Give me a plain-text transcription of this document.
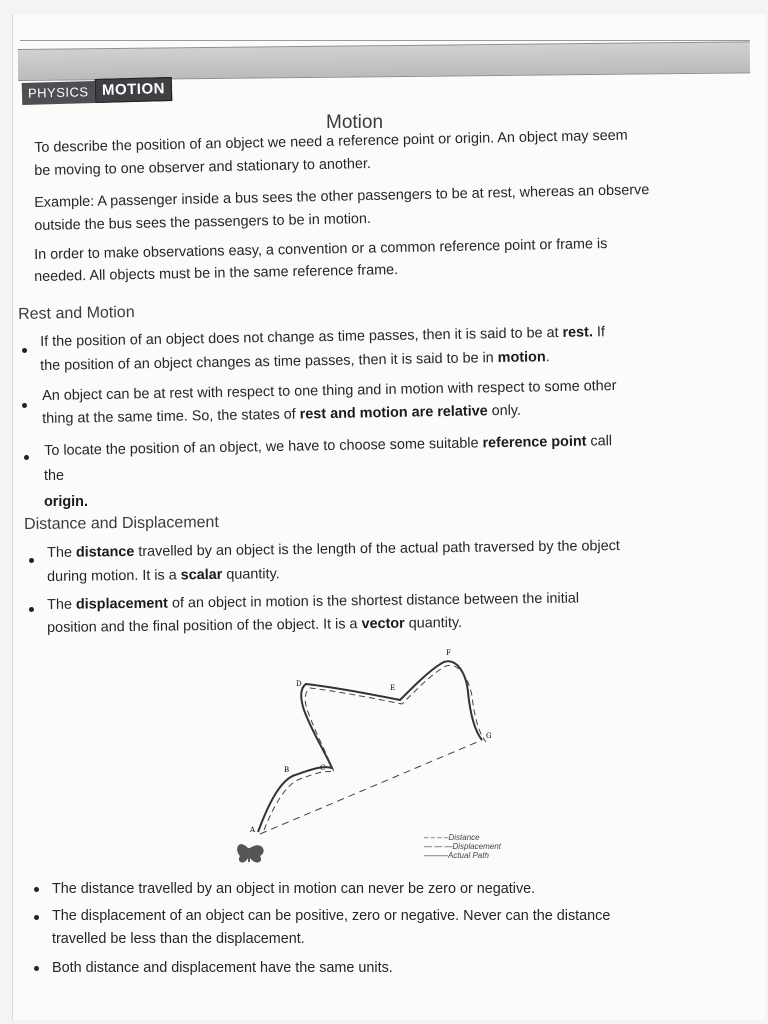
PHYSICS MOTION
Motion
To describe the position of an object we need a reference point or origin. An object may seem
be moving to one observer and stationary to another.
Example: A passenger inside a bus sees the other passengers to be at rest, whereas an observe
outside the bus sees the passengers to be in motion.
In order to make observations easy, a convention or a common reference point or frame is
needed. All objects must be in the same reference frame.
Rest and Motion
If the position of an object does not change as time passes, then it is said to be at rest. If
the position of an object changes as time passes, then it is said to be in motion.
An object can be at rest with respect to one thing and in motion with respect to some other
thing at the same time. So, the states of rest and motion are relative only.
To locate the position of an object, we have to choose some suitable reference point call
the
origin.
Distance and Displacement
The distance travelled by an object is the length of the actual path traversed by the object
during motion. It is a scalar quantity.
The displacement of an object in motion is the shortest distance between the initial
position and the final position of the object. It is a vector quantity.
A
B	C
D	E
F
G
– – – –Distance
— — —Displacement
———Actual Path
The distance travelled by an object in motion can never be zero or negative.
The displacement of an object can be positive, zero or negative. Never can the distance
travelled be less than the displacement.
Both distance and displacement have the same units.
